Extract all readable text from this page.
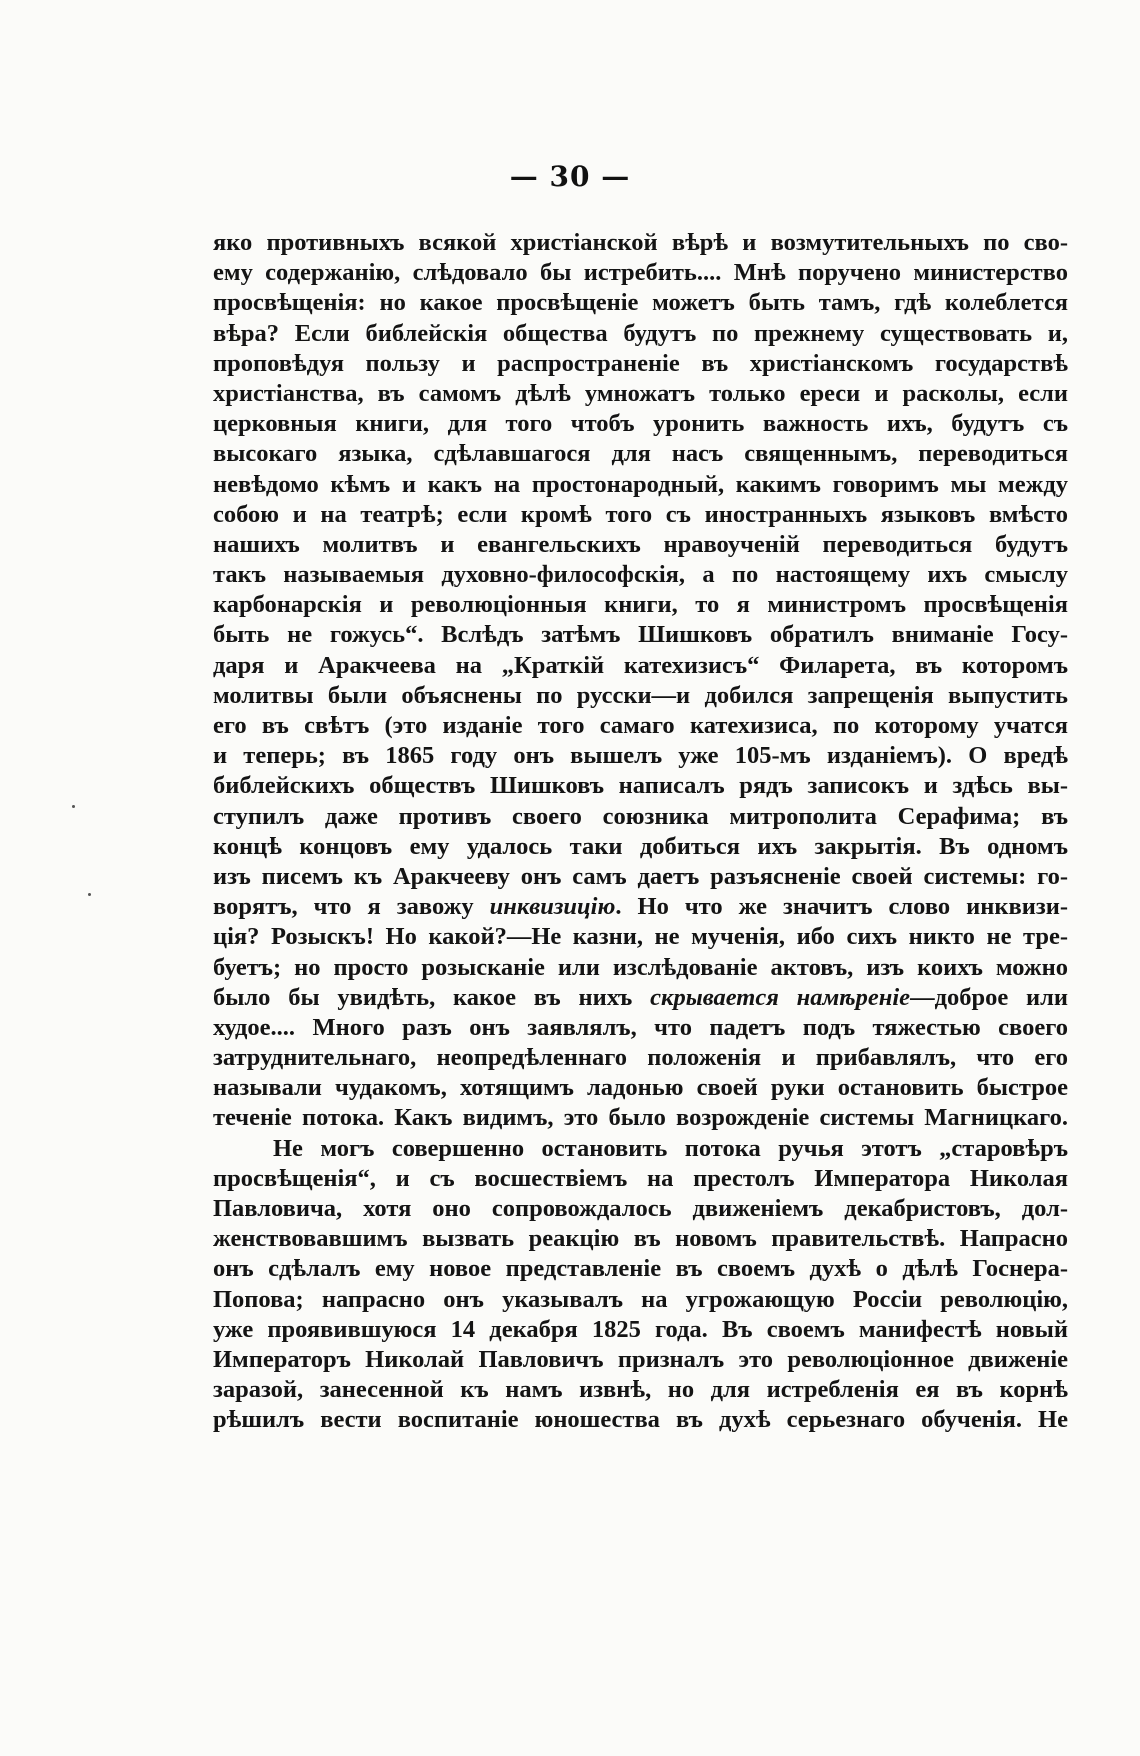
— 30 —
яко противныхъ всякой христіанской вѣрѣ и возмутительныхъ по сво-
ему содержанію, слѣдовало бы истребить.... Мнѣ поручено министерство
просвѣщенія: но какое просвѣщеніе можетъ быть тамъ, гдѣ колеблется
вѣра? Если библейскія общества будутъ по прежнему существовать и,
проповѣдуя пользу и распространеніе въ христіанскомъ государствѣ
христіанства, въ самомъ дѣлѣ умножатъ только ереси и расколы, если
церковныя книги, для того чтобъ уронить важность ихъ, будутъ съ
высокаго языка, сдѣлавшагося для насъ священнымъ, переводиться
невѣдомо кѣмъ и какъ на простонародный, какимъ говоримъ мы между
собою и на театрѣ; если кромѣ того съ иностранныхъ языковъ вмѣсто
нашихъ молитвъ и евангельскихъ нравоученій переводиться будутъ
такъ называемыя духовно-философскія, а по настоящему ихъ смыслу
карбонарскія и революціонныя книги, то я министромъ просвѣщенія
быть не гожусь“. Вслѣдъ затѣмъ Шишковъ обратилъ вниманіе Госу-
даря и Аракчеева на „Краткій катехизисъ“ Филарета, въ которомъ
молитвы были объяснены по русски—и добился запрещенія выпустить
его въ свѣтъ (это изданіе того самаго катехизиса, по которому учатся
и теперь; въ 1865 году онъ вышелъ уже 105-мъ изданіемъ). О вредѣ
библейскихъ обществъ Шишковъ написалъ рядъ записокъ и здѣсь вы-
ступилъ даже противъ своего союзника митрополита Серафима; въ
концѣ концовъ ему удалось таки добиться ихъ закрытія. Въ одномъ
изъ писемъ къ Аракчееву онъ самъ даетъ разъясненіе своей системы: го-
ворятъ, что я завожу инквизицію. Но что же значитъ слово инквизи-
ція? Розыскъ! Но какой?—Не казни, не мученія, ибо сихъ никто не тре-
буетъ; но просто розысканіе или изслѣдованіе актовъ, изъ коихъ можно
было бы увидѣть, какое въ нихъ скрывается намѣреніе—доброе или
худое.... Много разъ онъ заявлялъ, что падетъ подъ тяжестью своего
затруднительнаго, неопредѣленнаго положенія и прибавлялъ, что его
называли чудакомъ, хотящимъ ладонью своей руки остановить быстрое
теченіе потока. Какъ видимъ, это было возрожденіе системы Магницкаго.
Не могъ совершенно остановить потока ручья этотъ „старовѣръ
просвѣщенія“, и съ восшествіемъ на престолъ Императора Николая
Павловича, хотя оно сопровождалось движеніемъ декабристовъ, дол-
женствовавшимъ вызвать реакцію въ новомъ правительствѣ. Напрасно
онъ сдѣлалъ ему новое представленіе въ своемъ духѣ о дѣлѣ Госнера-
Попова; напрасно онъ указывалъ на угрожающую Россіи революцію,
уже проявившуюся 14 декабря 1825 года. Въ своемъ манифестѣ новый
Императоръ Николай Павловичъ призналъ это революціонное движеніе
заразой, занесенной къ намъ извнѣ, но для истребленія ея въ корнѣ
рѣшилъ вести воспитаніе юношества въ духѣ серьезнаго обученія. Не
